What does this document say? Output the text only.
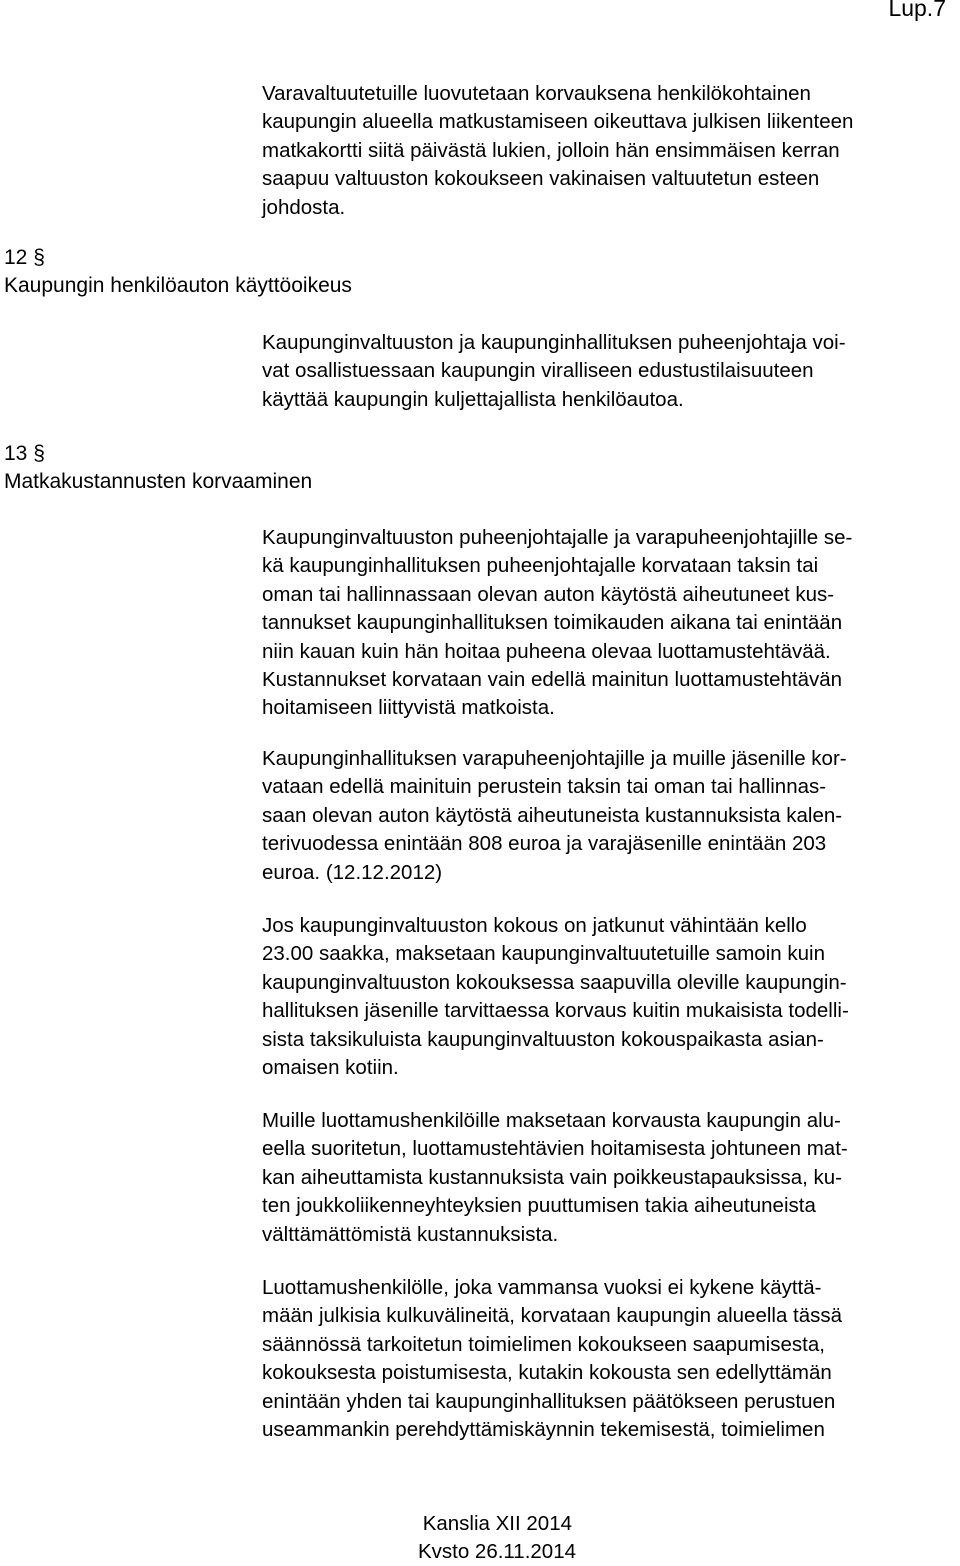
Lup.7
12 §
Kaupungin henkilöauton käyttöoikeus
13 §
Matkakustannusten korvaaminen

Varavaltuutetuille luovutetaan korvauksena henkilökohtainen
kaupungin alueella matkustamiseen oikeuttava julkisen liikenteen
matkakortti siitä päivästä lukien, jolloin hän ensimmäisen kerran
saapuu valtuuston kokoukseen vakinaisen valtuutetun esteen
johdosta.

Kaupunginvaltuuston ja kaupunginhallituksen puheenjohtaja voi-
vat osallistuessaan kaupungin viralliseen edustustilaisuuteen
käyttää kaupungin kuljettajallista henkilöautoa.

Kaupunginvaltuuston puheenjohtajalle ja varapuheenjohtajille se-
kä kaupunginhallituksen puheenjohtajalle korvataan taksin tai
oman tai hallinnassaan olevan auton käytöstä aiheutuneet kus-
tannukset kaupunginhallituksen toimikauden aikana tai enintään
niin kauan kuin hän hoitaa puheena olevaa luottamustehtävää.
Kustannukset korvataan vain edellä mainitun luottamustehtävän
hoitamiseen liittyvistä matkoista.

Kaupunginhallituksen varapuheenjohtajille ja muille jäsenille kor-
vataan edellä mainituin perustein taksin tai oman tai hallinnas-
saan olevan auton käytöstä aiheutuneista kustannuksista kalen-
terivuodessa enintään 808 euroa ja varajäsenille enintään 203
euroa. (12.12.2012)

Jos kaupunginvaltuuston kokous on jatkunut vähintään kello
23.00 saakka, maksetaan kaupunginvaltuutetuille samoin kuin
kaupunginvaltuuston kokouksessa saapuvilla oleville kaupungin-
hallituksen jäsenille tarvittaessa korvaus kuitin mukaisista todelli-
sista taksikuluista kaupunginvaltuuston kokouspaikasta asian-
omaisen kotiin.

Muille luottamushenkilöille maksetaan korvausta kaupungin alu-
eella suoritetun, luottamustehtävien hoitamisesta johtuneen mat-
kan aiheuttamista kustannuksista vain poikkeustapauksissa, ku-
ten joukkoliikenneyhteyksien puuttumisen takia aiheutuneista
välttämättömistä kustannuksista.

Luottamushenkilölle, joka vammansa vuoksi ei kykene käyttä-
mään julkisia kulkuvälineitä, korvataan kaupungin alueella tässä
säännössä tarkoitetun toimielimen kokoukseen saapumisesta,
kokouksesta poistumisesta, kutakin kokousta sen edellyttämän
enintään yhden tai kaupunginhallituksen päätökseen perustuen
useammankin perehdyttämiskäynnin tekemisestä, toimielimen

Kanslia XII 2014
Kvsto 26.11.2014
